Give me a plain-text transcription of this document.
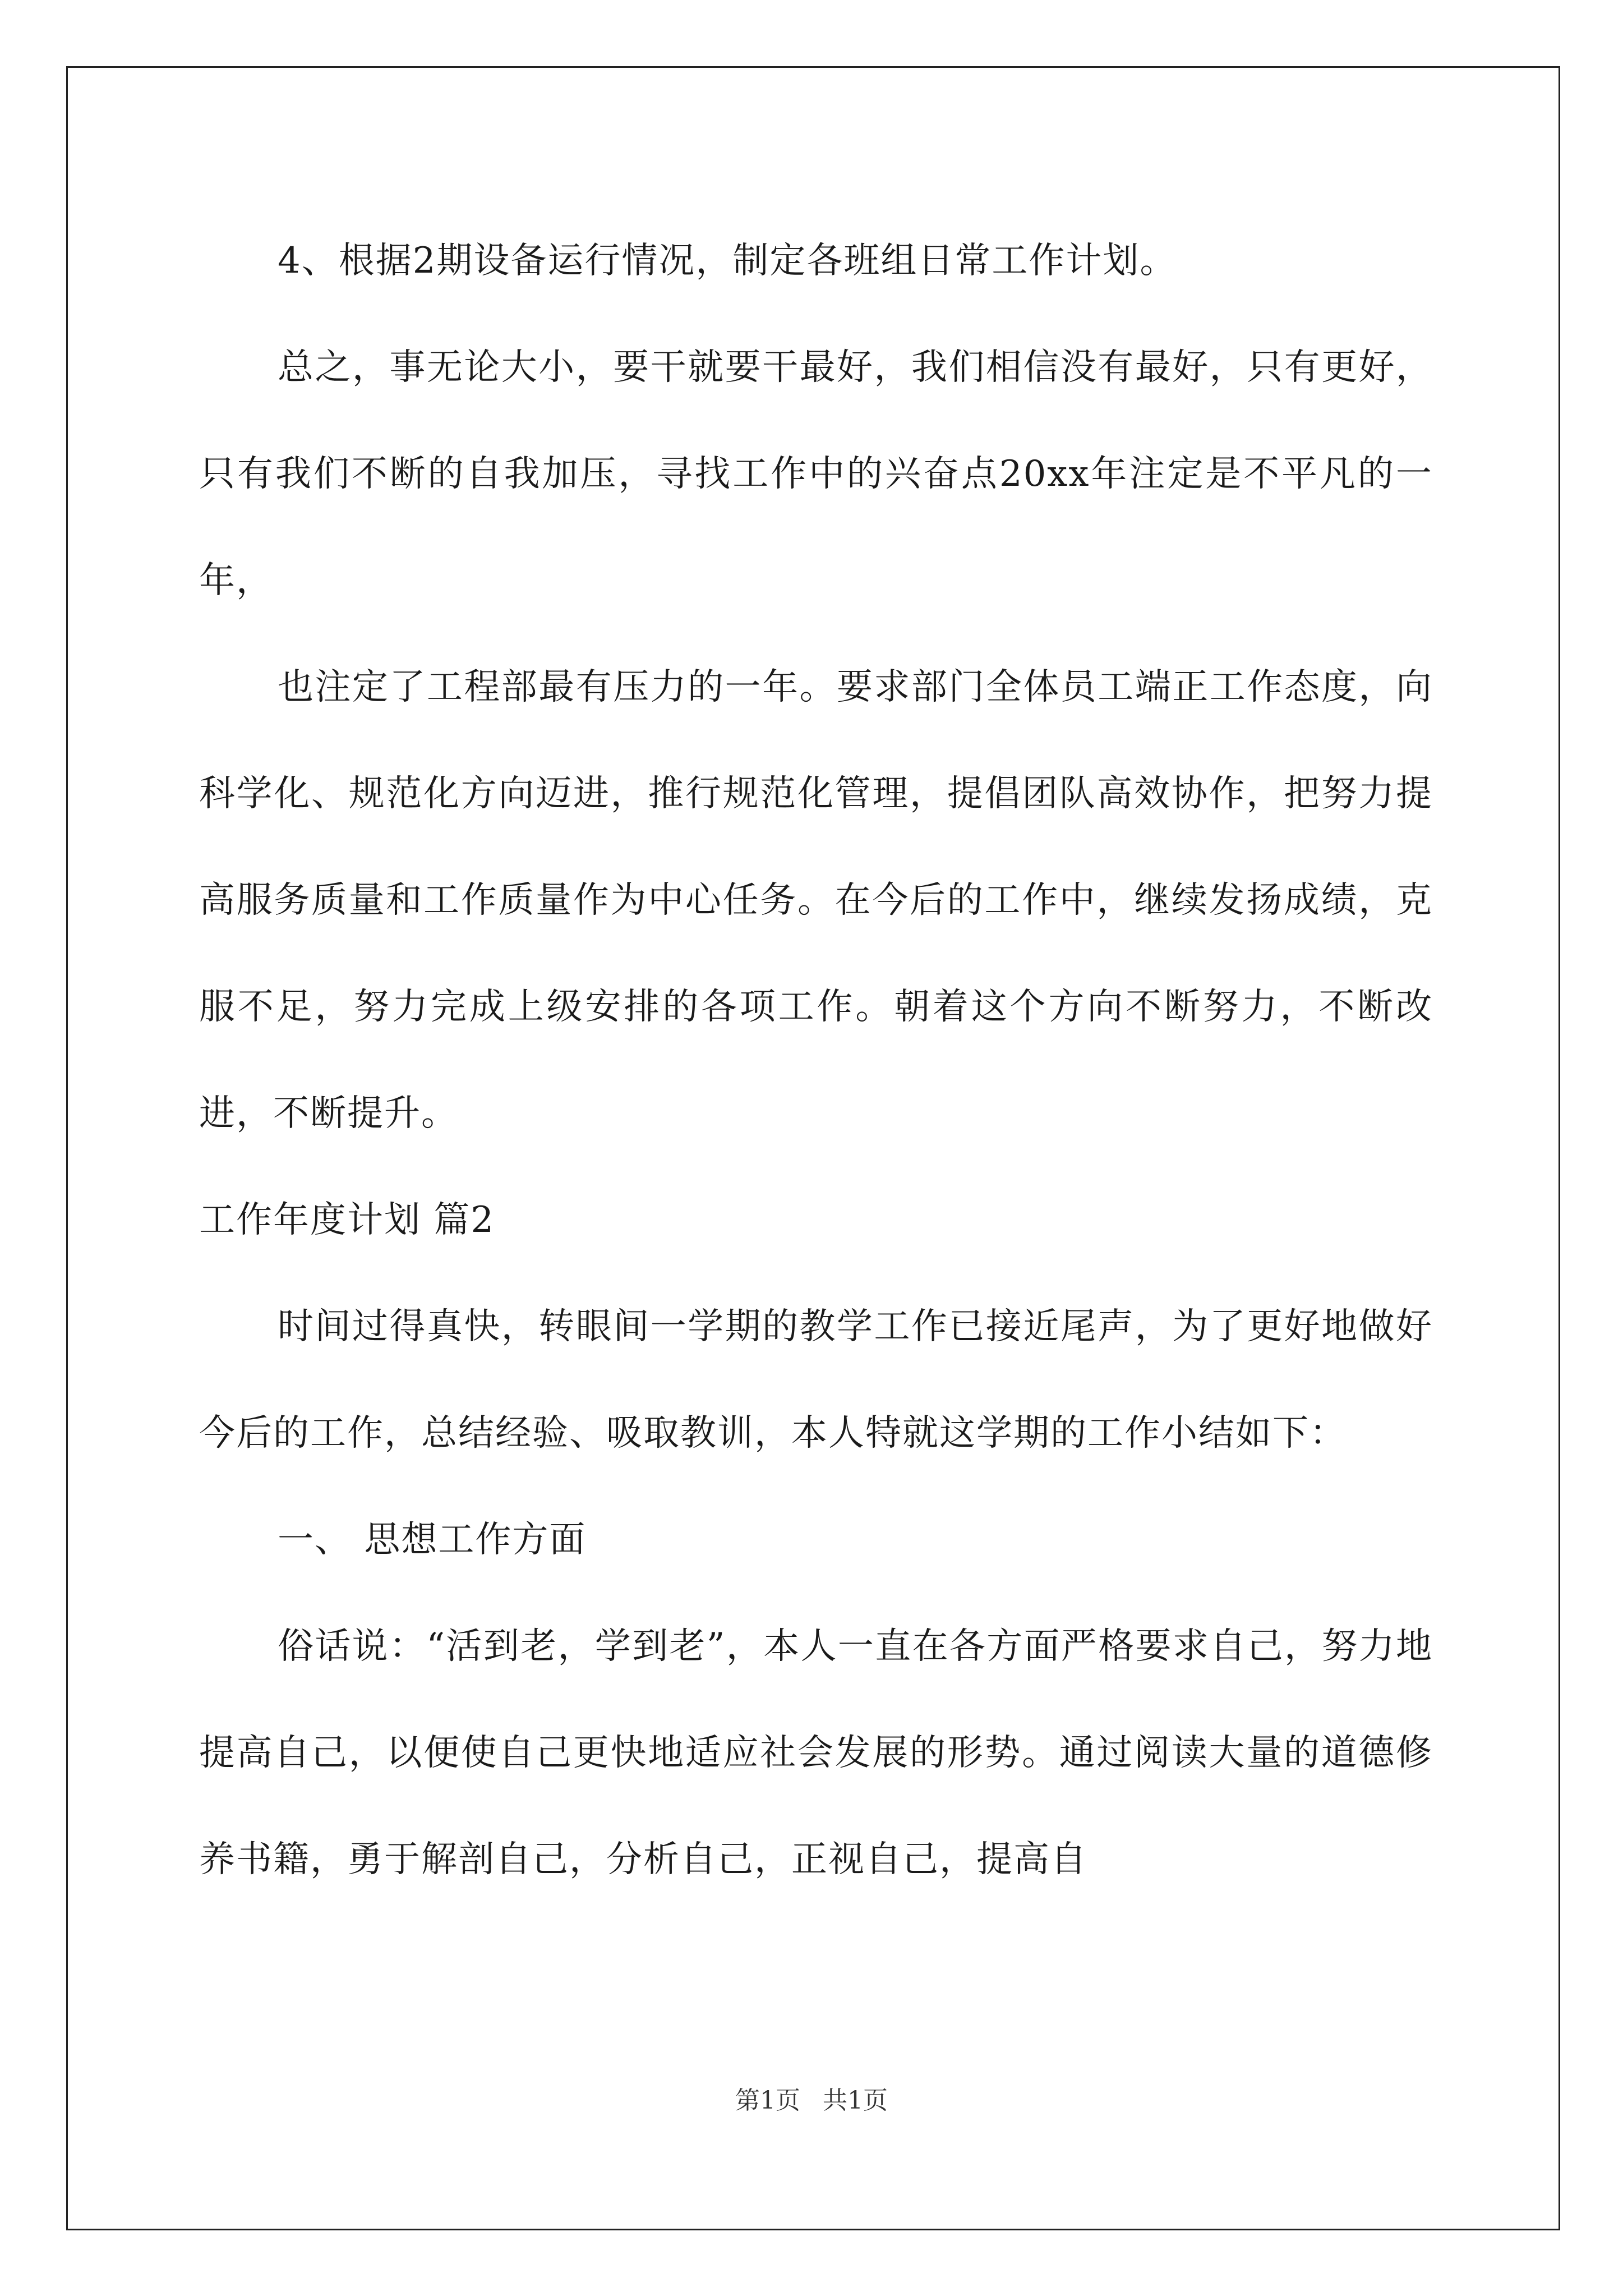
4、根据2期设备运行情况，制定各班组日常工作计划。

总之，事无论大小，要干就要干最好，我们相信没有最好，只有更好，只有我们不断的自我加压，寻找工作中的兴奋点20xx年注定是不平凡的一年，

也注定了工程部最有压力的一年。要求部门全体员工端正工作态度，向科学化、规范化方向迈进，推行规范化管理，提倡团队高效协作，把努力提高服务质量和工作质量作为中心任务。在今后的工作中，继续发扬成绩，克服不足，努力完成上级安排的各项工作。朝着这个方向不断努力，不断改进，不断提升。

工作年度计划 篇2

时间过得真快，转眼间一学期的教学工作已接近尾声，为了更好地做好今后的工作，总结经验、吸取教训，本人特就这学期的工作小结如下：

一、 思想工作方面

俗话说：“活到老，学到老”，本人一直在各方面严格要求自己，努力地提高自己，以便使自己更快地适应社会发展的形势。通过阅读大量的道德修养书籍，勇于解剖自己，分析自己，正视自己，提高自

第1页 共1页
